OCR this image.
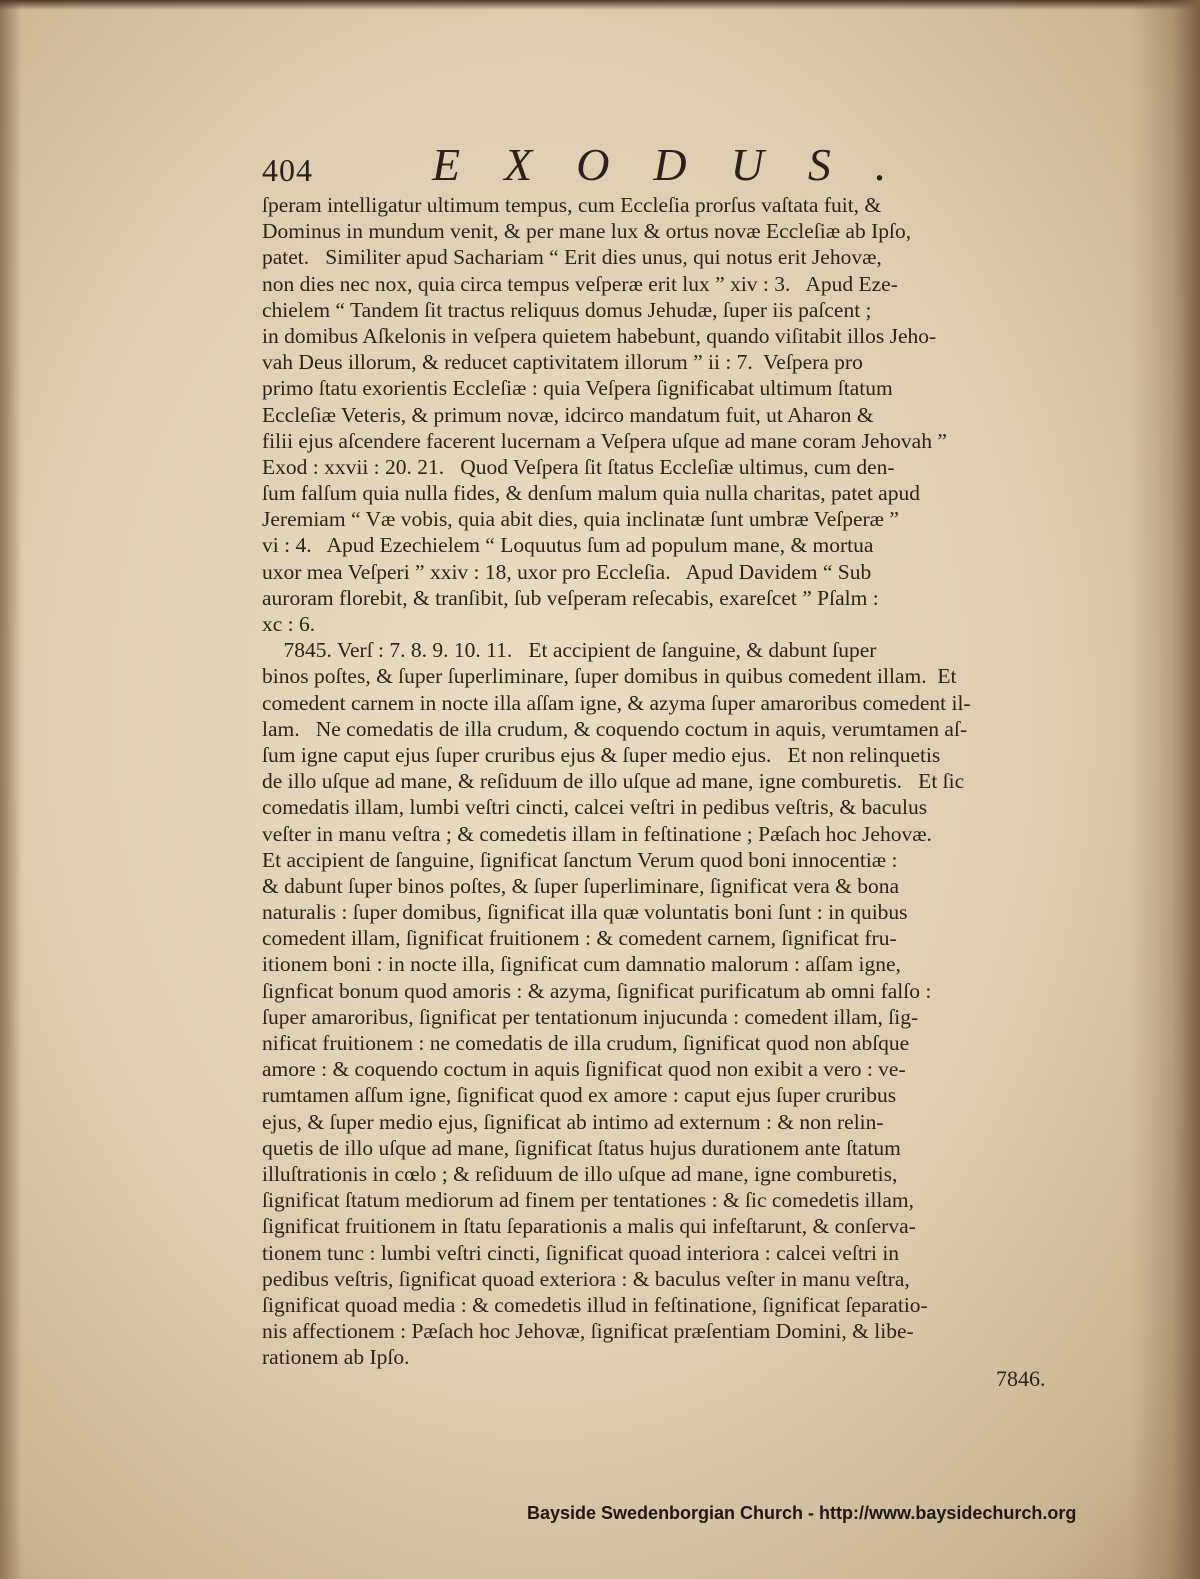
404	EXODUS.
ſperam intelligatur ultimum tempus, cum Eccleſia prorſus vaſtata fuit, &
Dominus in mundum venit, & per mane lux & ortus novæ Eccleſiæ ab Ipſo,
patet.   Similiter apud Sachariam “ Erit dies unus, qui notus erit Jehovæ,
non dies nec nox, quia circa tempus veſperæ erit lux ” xiv : 3.   Apud Eze-
chielem “ Tandem ſit tractus reliquus domus Jehudæ, ſuper iis paſcent ;
in domibus Aſkelonis in veſpera quietem habebunt, quando viſitabit illos Jeho-
vah Deus illorum, & reducet captivitatem illorum ” ii : 7.  Veſpera pro
primo ſtatu exorientis Eccleſiæ : quia Veſpera ſignificabat ultimum ſtatum
Eccleſiæ Veteris, & primum novæ, idcirco mandatum fuit, ut Aharon &
filii ejus aſcendere facerent lucernam a Veſpera uſque ad mane coram Jehovah ”
Exod : xxvii : 20. 21.   Quod Veſpera ſit ſtatus Eccleſiæ ultimus, cum den-
ſum falſum quia nulla fides, & denſum malum quia nulla charitas, patet apud
Jeremiam “ Væ vobis, quia abit dies, quia inclinatæ ſunt umbræ Veſperæ ”
vi : 4.   Apud Ezechielem “ Loquutus ſum ad populum mane, & mortua
uxor mea Veſperi ” xxiv : 18, uxor pro Eccleſia.   Apud Davidem “ Sub
auroram florebit, & tranſibit, ſub veſperam reſecabis, exareſcet ” Pſalm :
xc : 6.
7845. Verſ : 7. 8. 9. 10. 11.   Et accipient de ſanguine, & dabunt ſuper
binos poſtes, & ſuper ſuperliminare, ſuper domibus in quibus comedent illam.  Et
comedent carnem in nocte illa aſſam igne, & azyma ſuper amaroribus comedent il-
lam.   Ne comedatis de illa crudum, & coquendo coctum in aquis, verumtamen aſ-
ſum igne caput ejus ſuper cruribus ejus & ſuper medio ejus.   Et non relinquetis
de illo uſque ad mane, & reſiduum de illo uſque ad mane, igne comburetis.   Et ſic
comedatis illam, lumbi veſtri cincti, calcei veſtri in pedibus veſtris, & baculus
veſter in manu veſtra ; & comedetis illam in feſtinatione ; Pæſach hoc Jehovæ.
Et accipient de ſanguine, ſignificat ſanctum Verum quod boni innocentiæ :
& dabunt ſuper binos poſtes, & ſuper ſuperliminare, ſignificat vera & bona
naturalis : ſuper domibus, ſignificat illa quæ voluntatis boni ſunt : in quibus
comedent illam, ſignificat fruitionem : & comedent carnem, ſignificat fru-
itionem boni : in nocte illa, ſignificat cum damnatio malorum : aſſam igne,
ſignficat bonum quod amoris : & azyma, ſignificat purificatum ab omni falſo :
ſuper amaroribus, ſignificat per tentationum injucunda : comedent illam, ſig-
nificat fruitionem : ne comedatis de illa crudum, ſignificat quod non abſque
amore : & coquendo coctum in aquis ſignificat quod non exibit a vero : ve-
rumtamen aſſum igne, ſignificat quod ex amore : caput ejus ſuper cruribus
ejus, & ſuper medio ejus, ſignificat ab intimo ad externum : & non relin-
quetis de illo uſque ad mane, ſignificat ſtatus hujus durationem ante ſtatum
illuſtrationis in cœlo ; & reſiduum de illo uſque ad mane, igne comburetis,
ſignificat ſtatum mediorum ad finem per tentationes : & ſic comedetis illam,
ſignificat fruitionem in ſtatu ſeparationis a malis qui infeſtarunt, & conſerva-
tionem tunc : lumbi veſtri cincti, ſignificat quoad interiora : calcei veſtri in
pedibus veſtris, ſignificat quoad exteriora : & baculus veſter in manu veſtra,
ſignificat quoad media : & comedetis illud in feſtinatione, ſignificat ſeparatio-
nis affectionem : Pæſach hoc Jehovæ, ſignificat præſentiam Domini, & libe-
rationem ab Ipſo.
7846.
Bayside Swedenborgian Church - http://www.baysidechurch.org
